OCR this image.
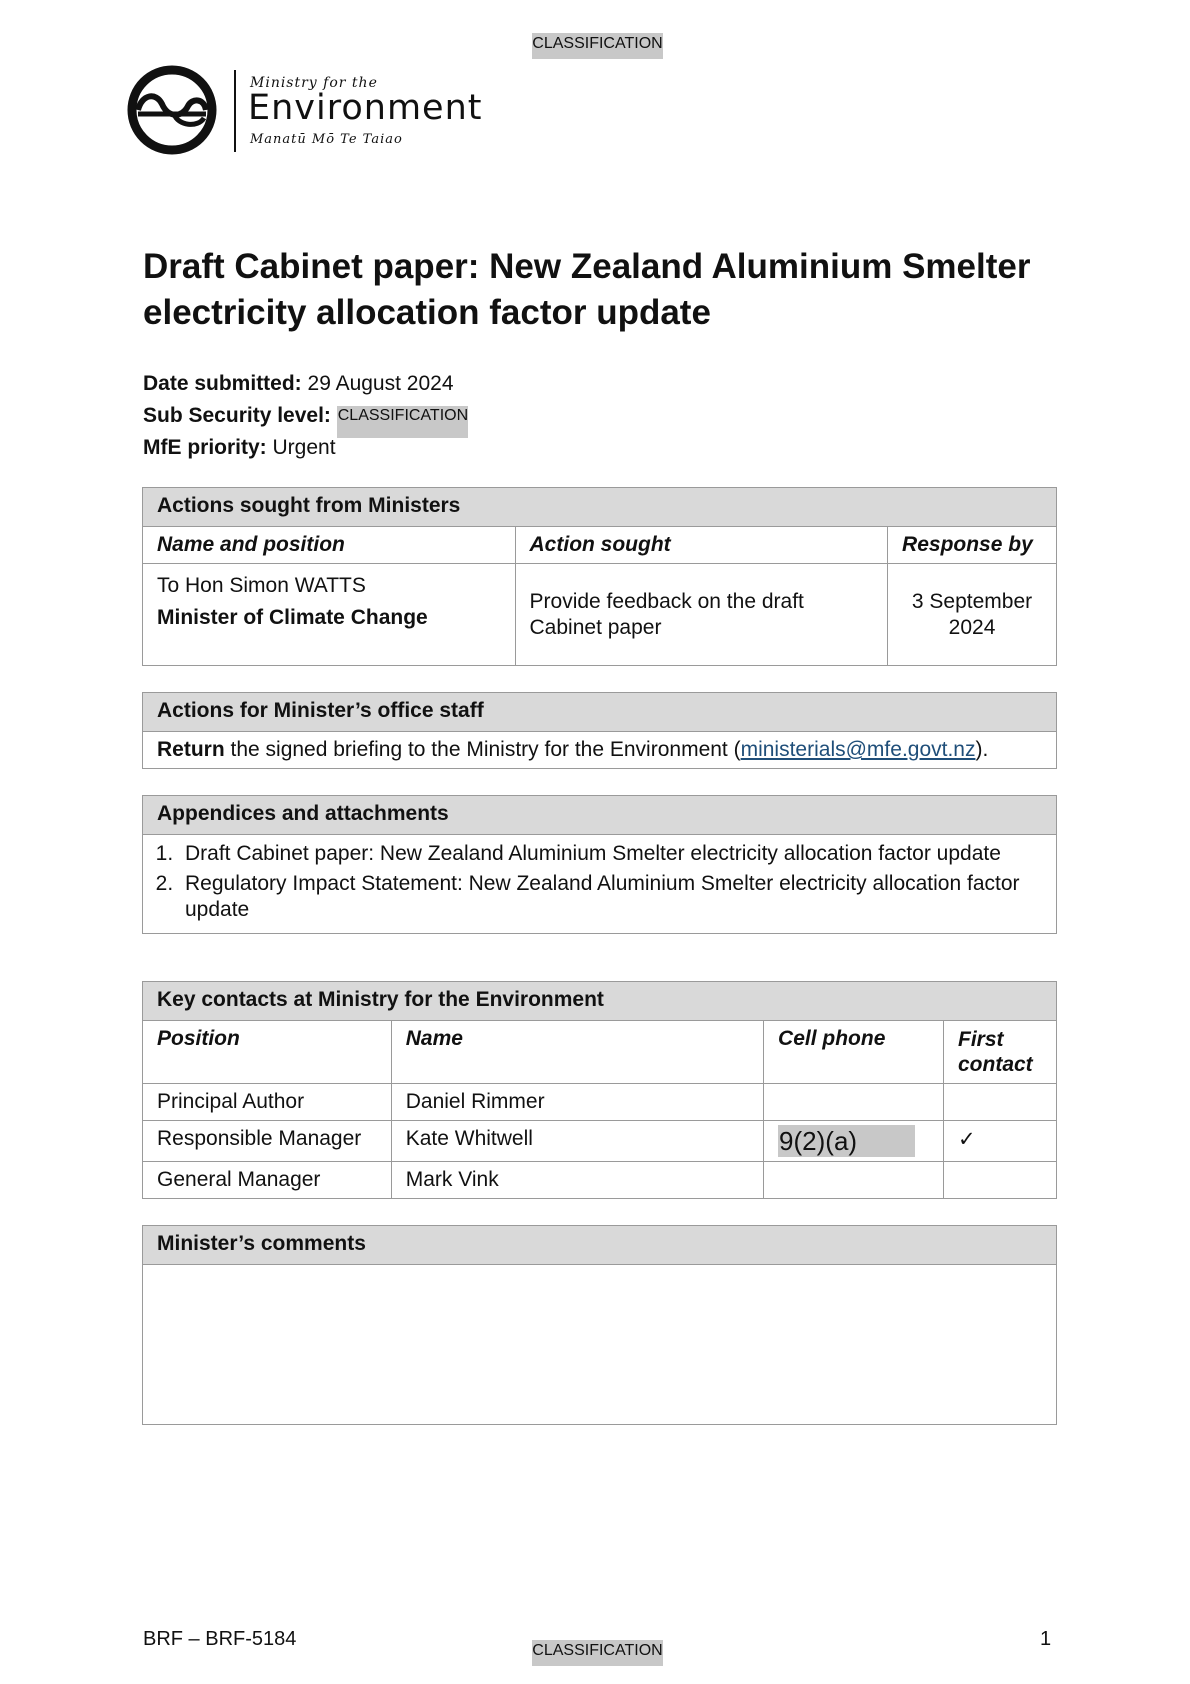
CLASSIFICATION
Ministry for the
Environment
Manatū Mō Te Taiao
Draft Cabinet paper: New Zealand Aluminium Smelter electricity allocation factor update
Date submitted: 29 August 2024
Sub Security level: CLASSIFICATION
MfE priority: Urgent
Actions sought from Ministers		
Name and position	Action sought	Response by

To Hon Simon WATTS
Minister of Climate Change	Provide feedback on the draft Cabinet paper	3 September 2024
Actions for Minister’s office staff
Return the signed briefing to the Ministry for the Environment (ministerials@mfe.govt.nz).
Appendices and attachments

1. Draft Cabinet paper: New Zealand Aluminium Smelter electricity allocation factor update
2. Regulatory Impact Statement: New Zealand Aluminium Smelter electricity allocation factor update
Key contacts at Ministry for the Environment			
Position	Name	Cell phone	First contact
Principal Author	Daniel Rimmer		
Responsible Manager	Kate Whitwell	9(2)(a)	✓
General Manager	Mark Vink		
Minister’s comments

BRF – BRF-5184
CLASSIFICATION
1
